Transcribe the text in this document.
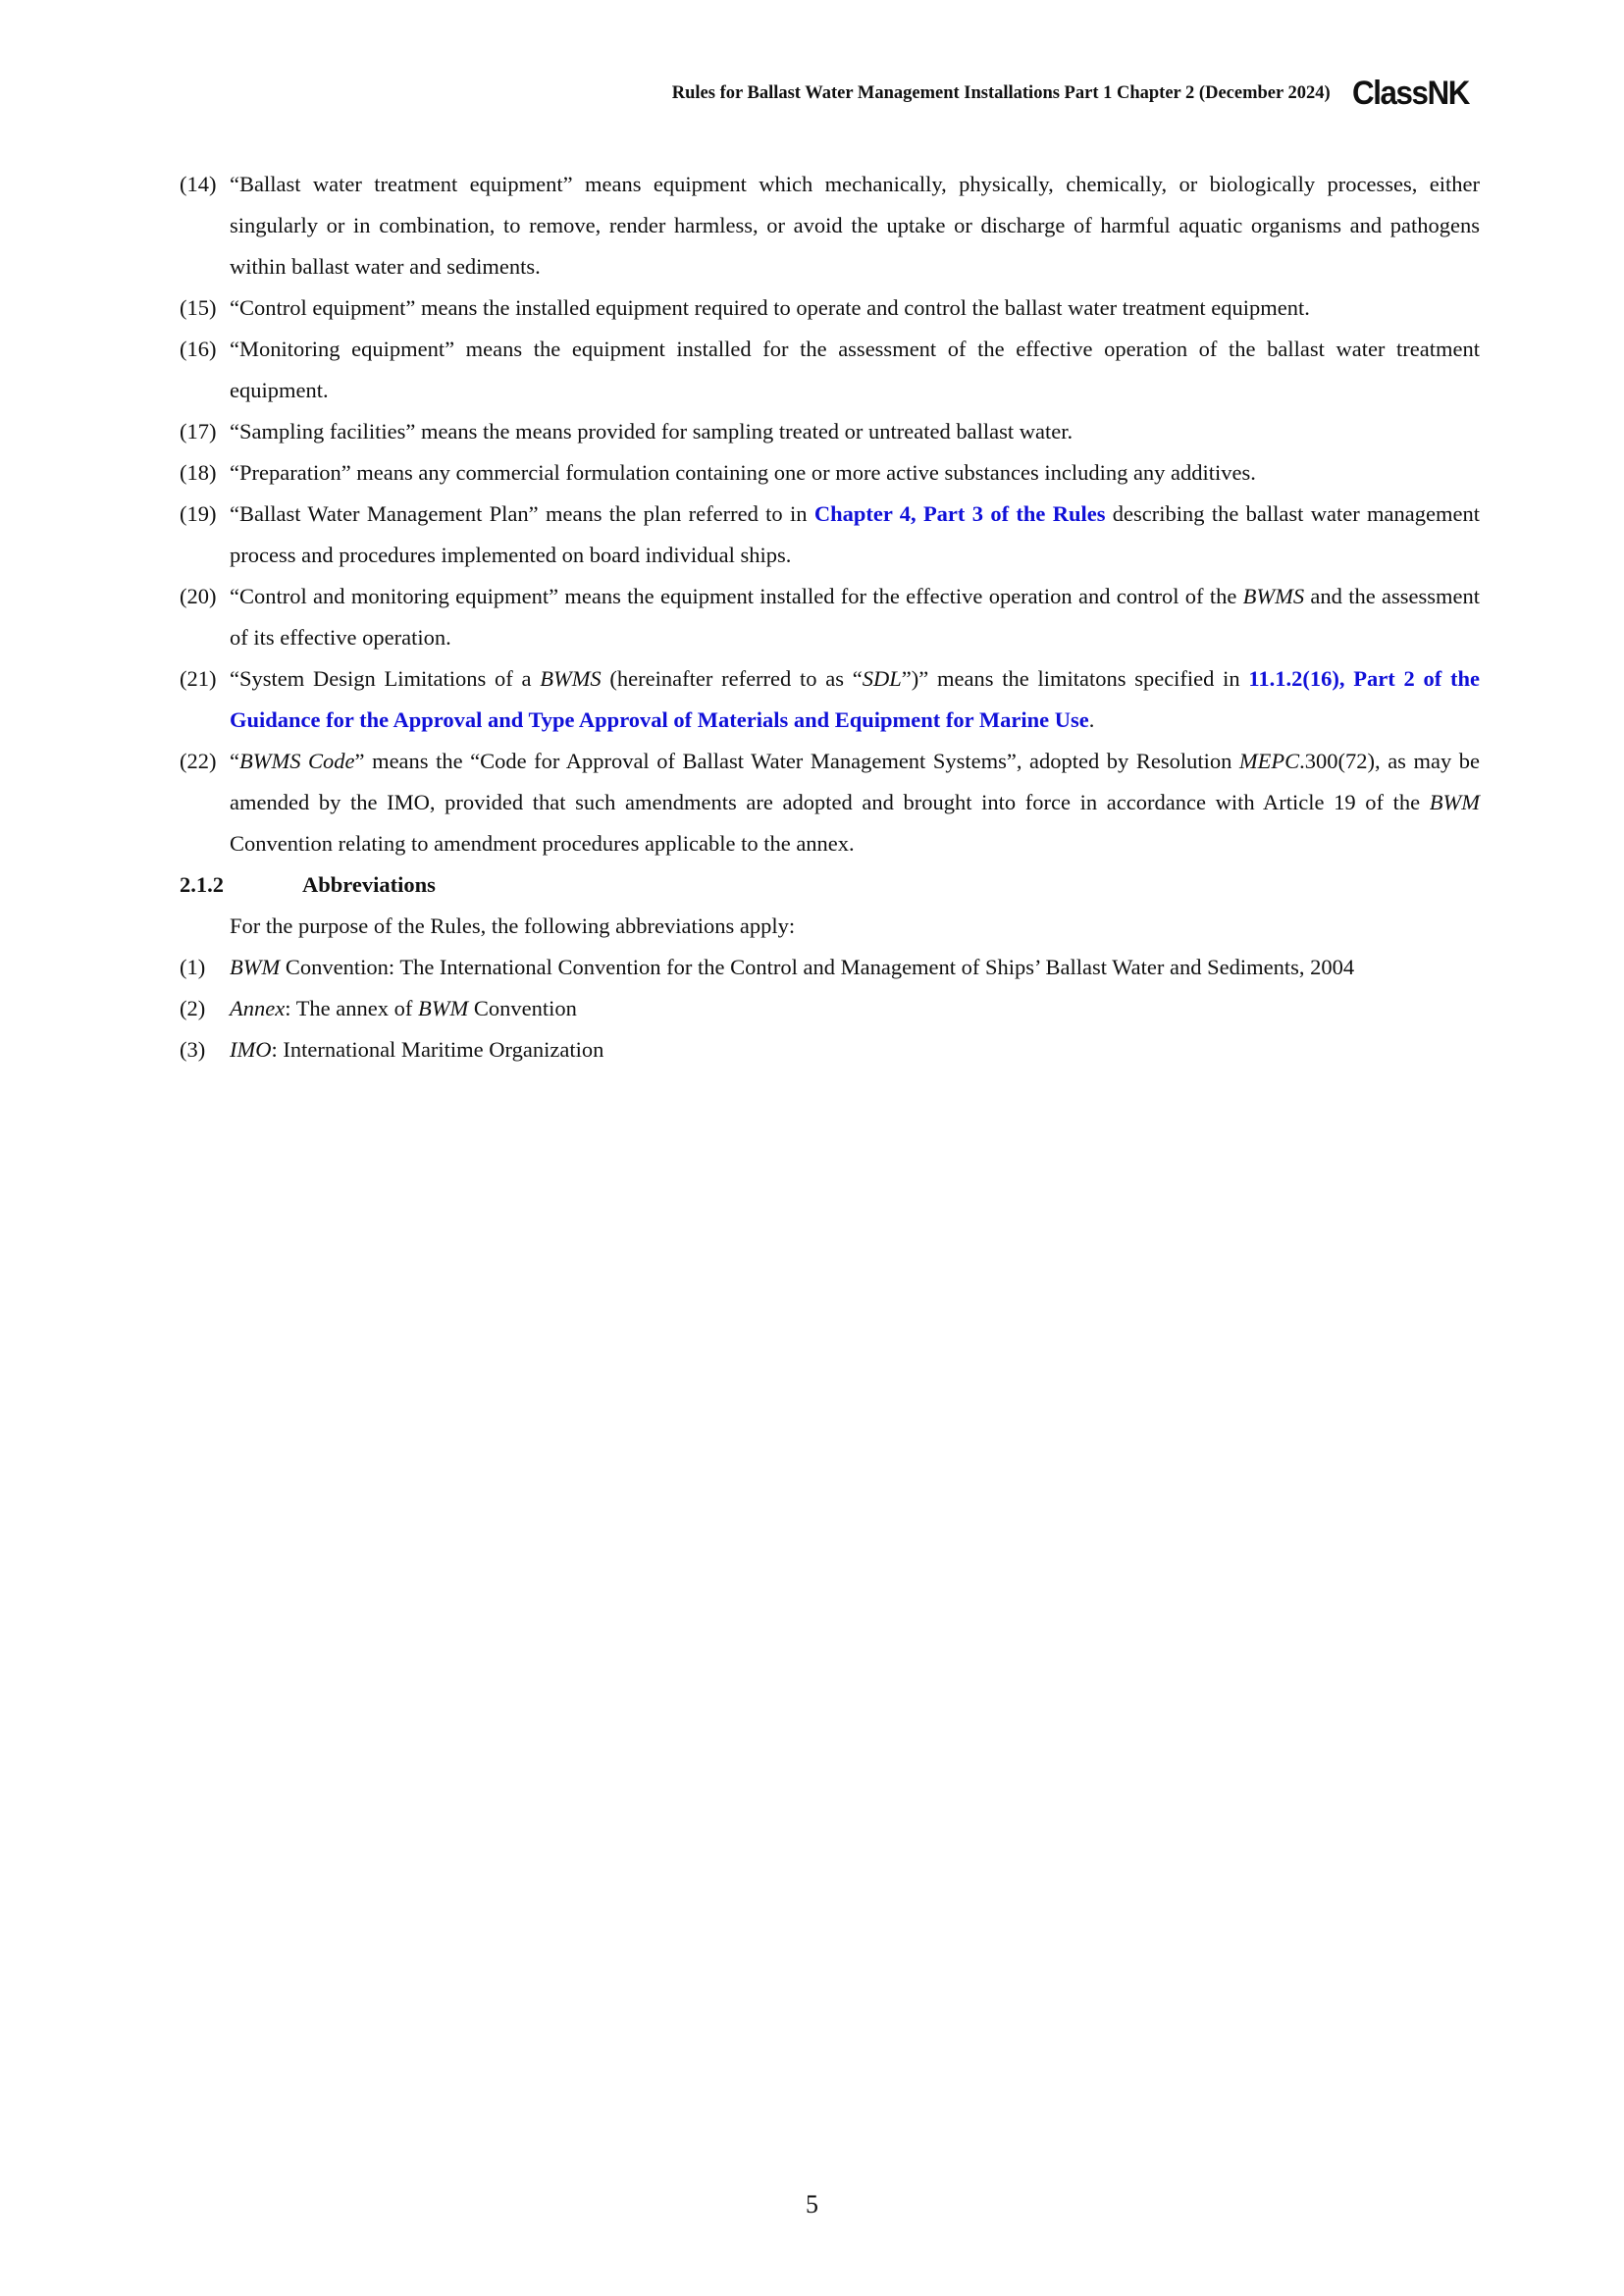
Rules for Ballast Water Management Installations Part 1 Chapter 2 (December 2024) ClassNK
(14) “Ballast water treatment equipment” means equipment which mechanically, physically, chemically, or biologically processes, either singularly or in combination, to remove, render harmless, or avoid the uptake or discharge of harmful aquatic organisms and pathogens within ballast water and sediments.
(15) “Control equipment” means the installed equipment required to operate and control the ballast water treatment equipment.
(16) “Monitoring equipment” means the equipment installed for the assessment of the effective operation of the ballast water treatment equipment.
(17) “Sampling facilities” means the means provided for sampling treated or untreated ballast water.
(18) “Preparation” means any commercial formulation containing one or more active substances including any additives.
(19) “Ballast Water Management Plan” means the plan referred to in Chapter 4, Part 3 of the Rules describing the ballast water management process and procedures implemented on board individual ships.
(20) “Control and monitoring equipment” means the equipment installed for the effective operation and control of the BWMS and the assessment of its effective operation.
(21) “System Design Limitations of a BWMS (hereinafter referred to as “SDL”)” means the limitatons specified in 11.1.2(16), Part 2 of the Guidance for the Approval and Type Approval of Materials and Equipment for Marine Use.
(22) “BWMS Code” means the “Code for Approval of Ballast Water Management Systems”, adopted by Resolution MEPC.300(72), as may be amended by the IMO, provided that such amendments are adopted and brought into force in accordance with Article 19 of the BWM Convention relating to amendment procedures applicable to the annex.
2.1.2	Abbreviations
For the purpose of the Rules, the following abbreviations apply:
(1)	BWM Convention: The International Convention for the Control and Management of Ships’ Ballast Water and Sediments, 2004
(2)	Annex: The annex of BWM Convention
(3)	IMO: International Maritime Organization
5
